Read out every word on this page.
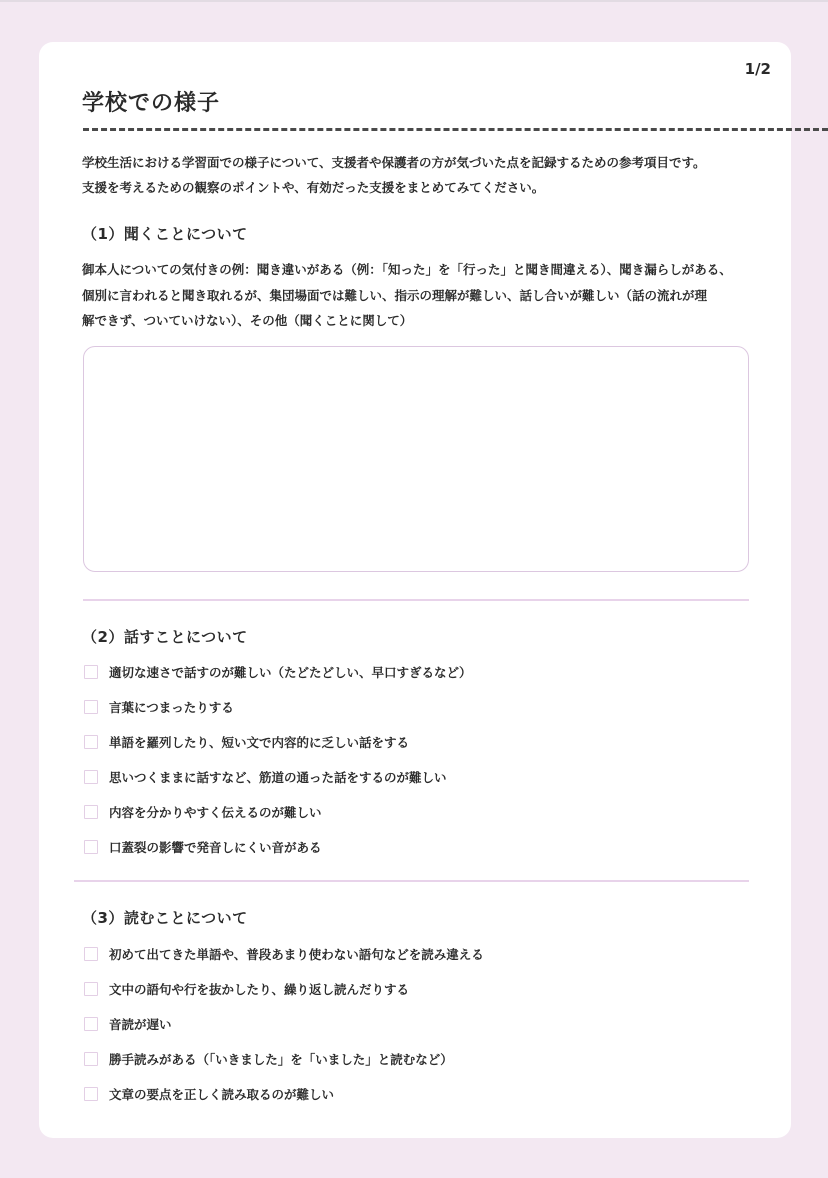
1/2
学校での様子

学校生活における学習面での様子について、支援者や保護者の方が気づいた点を記録するための参考項目です。

支援を考えるための観察のポイントや、有効だった支援をまとめてみてください。

（1）聞くことについて
御本人についての気付きの例：聞き違いがある（例：「知った」を「行った」と聞き間違える）、聞き漏らしがある、
個別に言われると聞き取れるが、集団場面では難しい、指示の理解が難しい、話し合いが難しい（話の流れが理
解できず、ついていけない）、その他（聞くことに関して）
（2）話すことについて
適切な速さで話すのが難しい（たどたどしい、早口すぎるなど）
言葉につまったりする
単語を羅列したり、短い文で内容的に乏しい話をする
思いつくままに話すなど、筋道の通った話をするのが難しい
内容を分かりやすく伝えるのが難しい
口蓋裂の影響で発音しにくい音がある
（3）読むことについて
初めて出てきた単語や、普段あまり使わない語句などを読み違える
文中の語句や行を抜かしたり、繰り返し読んだりする
音読が遅い
勝手読みがある（「いきました」を「いました」と読むなど）
文章の要点を正しく読み取るのが難しい
